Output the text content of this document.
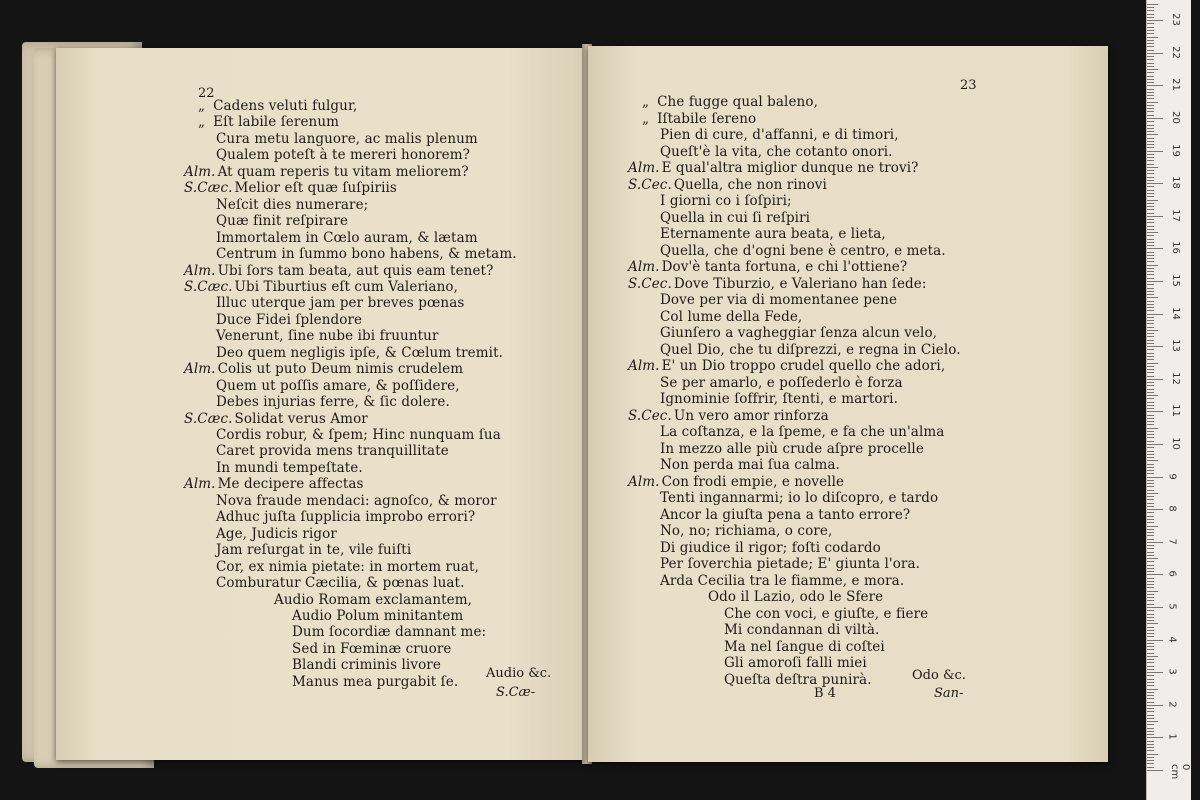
22
Audio &c.
S.Cæ-
„ Cadens veluti fulgur,
„ Eſt labile ſerenum
Cura metu languore, ac malis plenum
Qualem poteſt à te mereri honorem?
Alm. At quam reperis tu vitam meliorem?
S.Cæc. Melior eſt quæ ſuſpiriis
Neſcit dies numerare;
Quæ finit reſpirare
Immortalem in Cœlo auram, & lætam
Centrum in ſummo bono habens, & metam.
Alm. Ubi ſors tam beata, aut quis eam tenet?
S.Cæc. Ubi Tiburtius eſt cum Valeriano,
Illuc uterque jam per breves pœnas
Duce Fidei ſplendore
Venerunt, ſine nube ibi fruuntur
Deo quem negligis ipſe, & Cœlum tremit.
Alm. Colis ut puto Deum nimis crudelem
Quem ut poſſis amare, & poſſidere,
Debes injurias ferre, & ſic dolere.
S.Cæc. Solidat verus Amor
Cordis robur, & ſpem; Hinc nunquam ſua
Caret provida mens tranquillitate
In mundi tempeſtate.
Alm. Me decipere affectas
Nova fraude mendaci: agnoſco, & moror
Adhuc juſta ſupplicia improbo errori?
Age, Judicis rigor
Jam reſurgat in te, vile fuiſti
Cor, ex nimia pietate: in mortem ruat,
Comburatur Cæcilia, & pœnas luat.
Audio Romam exclamantem,
Audio Polum minitantem
Dum ſocordiæ damnant me:
Sed in Fœminæ cruore
Blandi criminis livore
Manus mea purgabit ſe.
23
Odo &c.
B 4	San-
„ Che fugge qual baleno,
„ Iſtabile ſereno
Pien di cure, d'affanni, e di timori,
Queſt'è la vita, che cotanto onori.
Alm. E qual'altra miglior dunque ne trovi?
S.Cec. Quella, che non rinovi
I giorni co i ſoſpiri;
Quella in cui ſi reſpiri
Eternamente aura beata, e lieta,
Quella, che d'ogni bene è centro, e meta.
Alm. Dov'è tanta fortuna, e chi l'ottiene?
S.Cec. Dove Tiburzio, e Valeriano han ſede:
Dove per via di momentanee pene
Col lume della Fede,
Giunſero a vagheggiar ſenza alcun velo,
Quel Dio, che tu diſprezzi, e regna in Cielo.
Alm. E' un Dio troppo crudel quello che adori,
Se per amarlo, e poſſederlo è forza
Ignominie ſoffrir, ſtenti, e martori.
S.Cec. Un vero amor rinforza
La coſtanza, e la ſpeme, e fa che un'alma
In mezzo alle più crude aſpre procelle
Non perda mai ſua calma.
Alm. Con frodi empie, e novelle
Tenti ingannarmi; io lo diſcopro, e tardo
Ancor la giuſta pena a tanto errore?
No, no; richiama, o core,
Di giudice il rigor; foſti codardo
Per ſoverchia pietade; E' giunta l'ora.
Arda Cecilia tra le fiamme, e mora.
Odo il Lazio, odo le Sfere
Che con voci, e giuſte, e fiere
Mi condannan di viltà.
Ma nel ſangue di coſtei
Gli amoroſi falli miei
Queſta deſtra punirà.
0 cm
1
2
3
4
5
6
7
8
9
10
11
12
13
14
15
16
17
18
19
20
21
22
23
